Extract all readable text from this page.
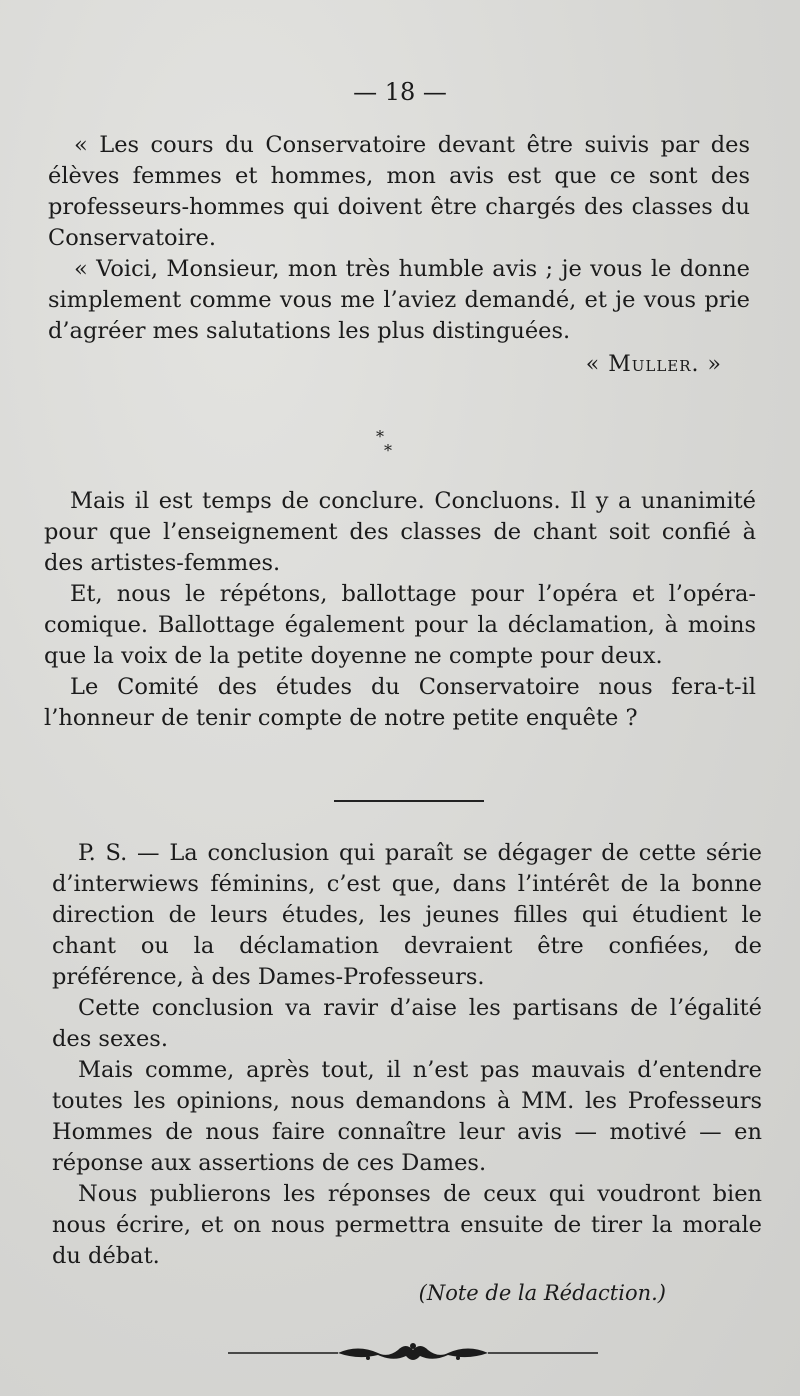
— 18 —

« Les cours du Conservatoire devant être suivis par des élèves femmes et hommes, mon avis est que ce sont des professeurs-hommes qui doivent être chargés des classes du Conservatoire.

« Voici, Monsieur, mon très humble avis ; je vous le donne simplement comme vous me l’aviez demandé, et je vous prie d’agréer mes salutations les plus distinguées.

« Muller. »
*
*

Mais il est temps de conclure. Concluons. Il y a unanimité pour que l’enseignement des classes de chant soit confié à des artistes-femmes.

Et, nous le répétons, ballottage pour l’opéra et l’opéra-comique. Ballottage également pour la déclamation, à moins que la voix de la petite doyenne ne compte pour deux.

Le Comité des études du Conservatoire nous fera-t-il l’honneur de tenir compte de notre petite enquête ?

P. S. — La conclusion qui paraît se dégager de cette série d’interwiews féminins, c’est que, dans l’intérêt de la bonne direction de leurs études, les jeunes filles qui étudient le chant ou la déclamation devraient être confiées, de préférence, à des Dames-Professeurs.

Cette conclusion va ravir d’aise les partisans de l’égalité des sexes.

Mais comme, après tout, il n’est pas mauvais d’entendre toutes les opinions, nous demandons à MM. les Professeurs Hommes de nous faire connaître leur avis — motivé — en réponse aux assertions de ces Dames.

Nous publierons les réponses de ceux qui voudront bien nous écrire, et on nous permettra ensuite de tirer la morale du débat.

(Note de la Rédaction.)
